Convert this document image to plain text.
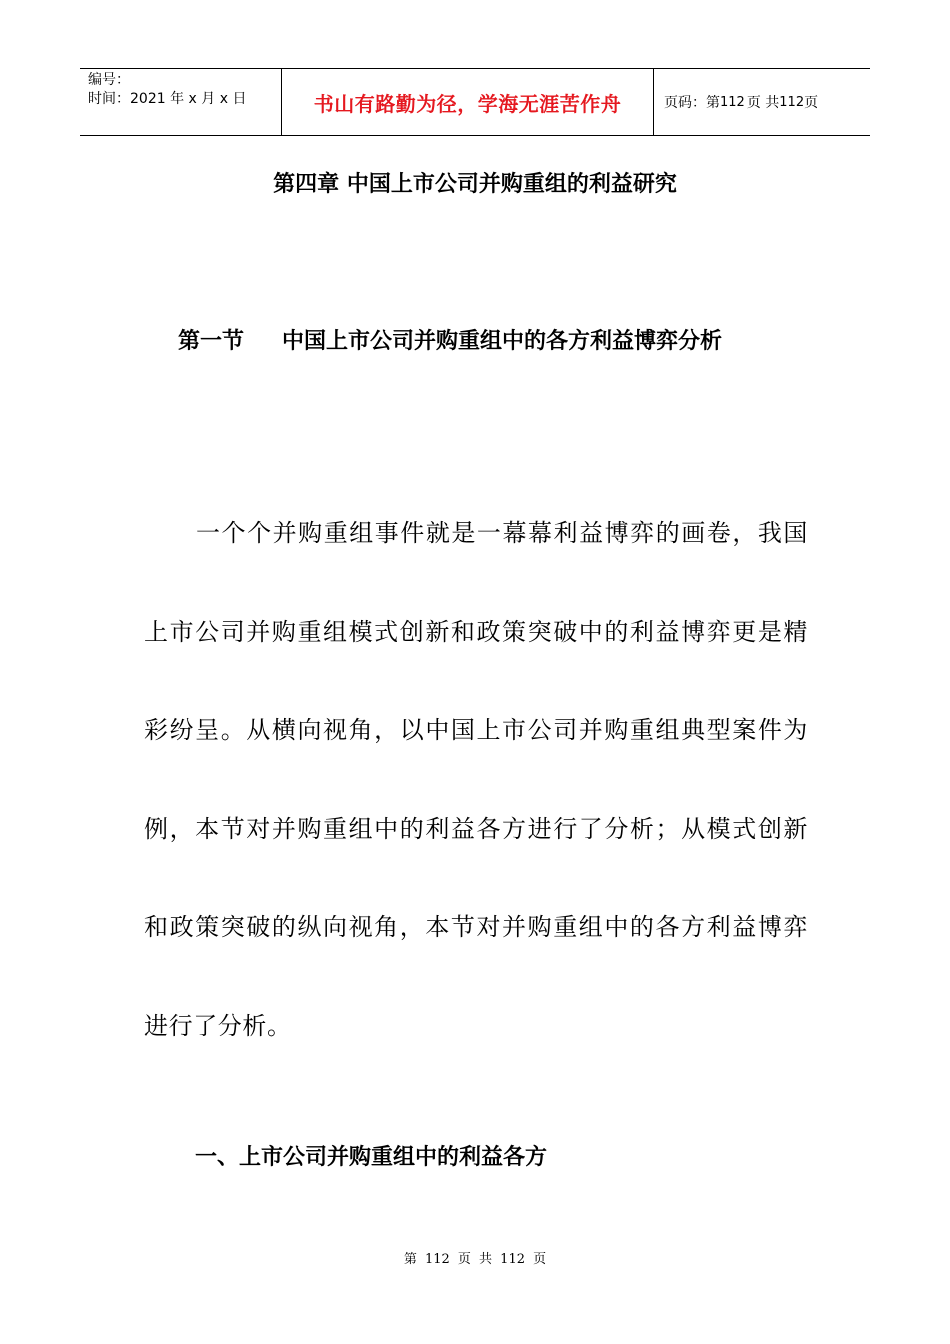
编号：
时间：2021 年 x 月 x 日	书山有路勤为径，学海无涯苦作舟	页码：第 112 页 共 112 页
第四章 中国上市公司并购重组的利益研究
第一节 中国上市公司并购重组中的各方利益博弈分析

一个个并购重组事件就是一幕幕利益博弈的画卷，我国上市公司并购重组模式创新和政策突破中的利益博弈更是精彩纷呈。从横向视角，以中国上市公司并购重组典型案件为例，本节对并购重组中的利益各方进行了分析；从模式创新和政策突破的纵向视角，本节对并购重组中的各方利益博弈进行了分析。

一、上市公司并购重组中的利益各方
第 112 页 共 112 页
